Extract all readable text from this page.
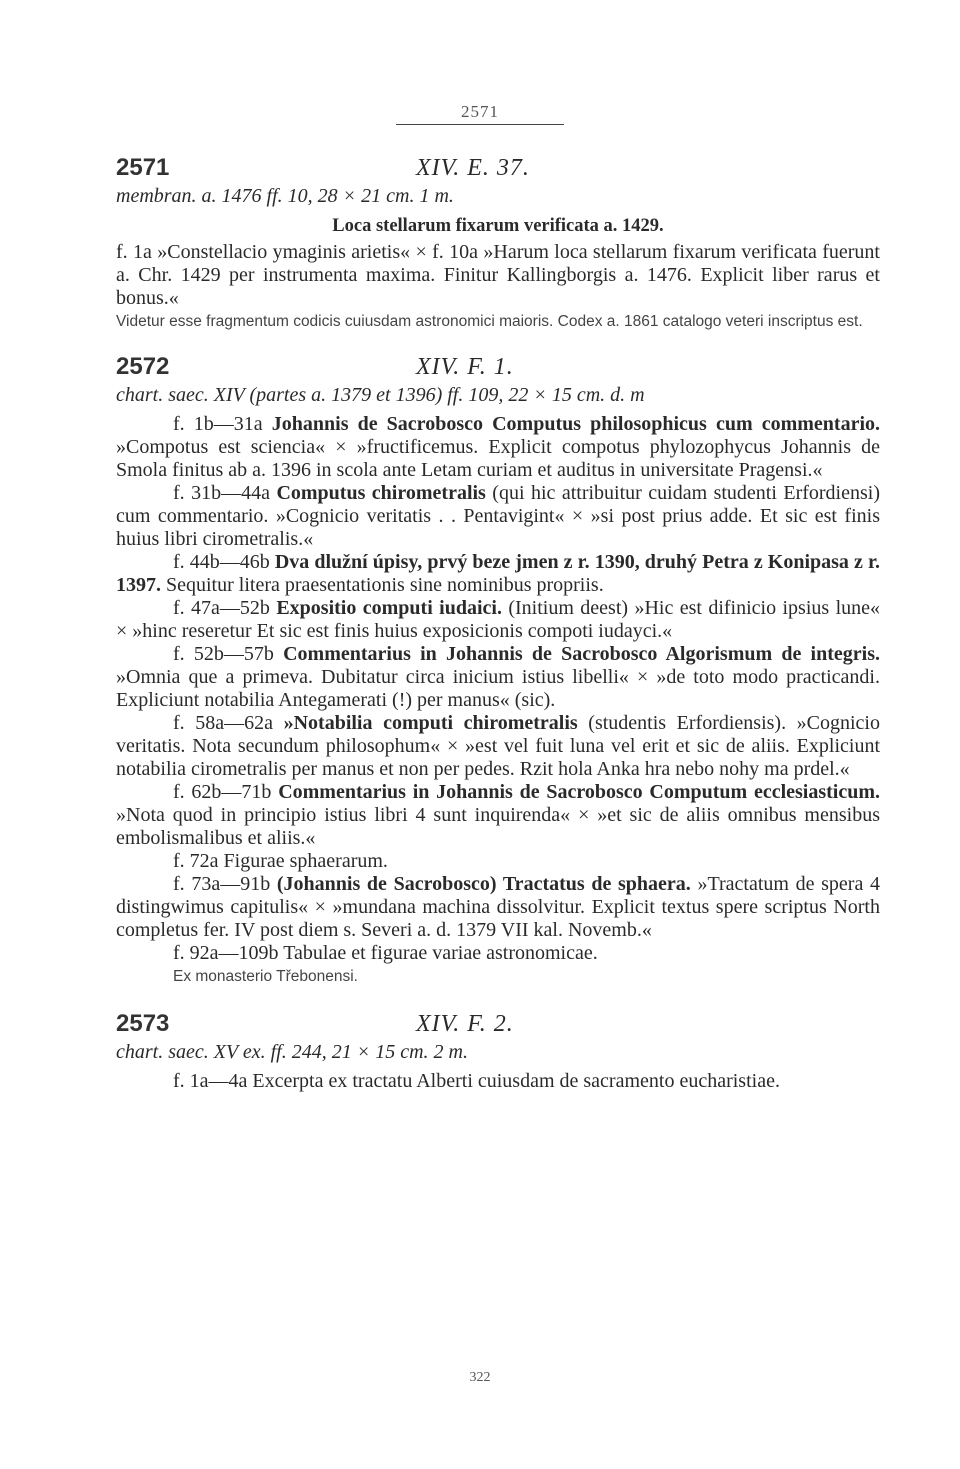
2571
2571	XIV. E. 37.
membran. a. 1476 ff. 10, 28 × 21 cm. 1 m.
Loca stellarum fixarum verificata a. 1429.

f. 1a »Constellacio ymaginis arietis« × f. 10a »Harum loca stellarum fixarum verificata fuerunt a. Chr. 1429 per instrumenta maxima. Finitur Kallingborgis a. 1476. Explicit liber rarus et bonus.«

Videtur esse fragmentum codicis cuiusdam astronomici maioris. Codex a. 1861 catalogo veteri inscriptus est.

2572	XIV. F. 1.
chart. saec. XIV (partes a. 1379 et 1396) ff. 109, 22 × 15 cm. d. m

f. 1b—31a Johannis de Sacrobosco Computus philosophicus cum commentario. »Compotus est sciencia« × »fructificemus. Explicit compotus phylozophycus Johannis de Smola finitus ab a. 1396 in scola ante Letam curiam et auditus in universitate Pragensi.«

f. 31b—44a Computus chirometralis (qui hic attribuitur cuidam studenti Erfordiensi) cum commentario. »Cognicio veritatis . . Pentavigint« × »si post prius adde. Et sic est finis huius libri cirometralis.«

f. 44b—46b Dva dlužní úpisy, prvý beze jmen z r. 1390, druhý Petra z Konipasa z r. 1397. Sequitur litera praesentationis sine nominibus propriis.

f. 47a—52b Expositio computi iudaici. (Initium deest) »Hic est difinicio ipsius lune« × »hinc reseretur Et sic est finis huius exposicionis compoti iudayci.«

f. 52b—57b Commentarius in Johannis de Sacrobosco Algorismum de integris. »Omnia que a primeva. Dubitatur circa inicium istius libelli« × »de toto modo practicandi. Expliciunt notabilia Antegamerati (!) per manus« (sic).

f. 58a—62a »Notabilia computi chirometralis (studentis Erfordiensis). »Cognicio veritatis. Nota secundum philosophum« × »est vel fuit luna vel erit et sic de aliis. Expliciunt notabilia cirometralis per manus et non per pedes. Rzit hola Anka hra nebo nohy ma prdel.«

f. 62b—71b Commentarius in Johannis de Sacrobosco Computum ecclesiasticum. »Nota quod in principio istius libri 4 sunt inquirenda« × »et sic de aliis omnibus mensibus embolismalibus et aliis.«

f. 72a Figurae sphaerarum.

f. 73a—91b (Johannis de Sacrobosco) Tractatus de sphaera. »Tractatum de spera 4 distingwimus capitulis« × »mundana machina dissolvitur. Explicit textus spere scriptus North completus fer. IV post diem s. Severi a. d. 1379 VII kal. Novemb.«

f. 92a—109b Tabulae et figurae variae astronomicae.

Ex monasterio Třebonensi.

2573	XIV. F. 2.
chart. saec. XV ex. ff. 244, 21 × 15 cm. 2 m.

f. 1a—4a Excerpta ex tractatu Alberti cuiusdam de sacramento eucharistiae.

322
